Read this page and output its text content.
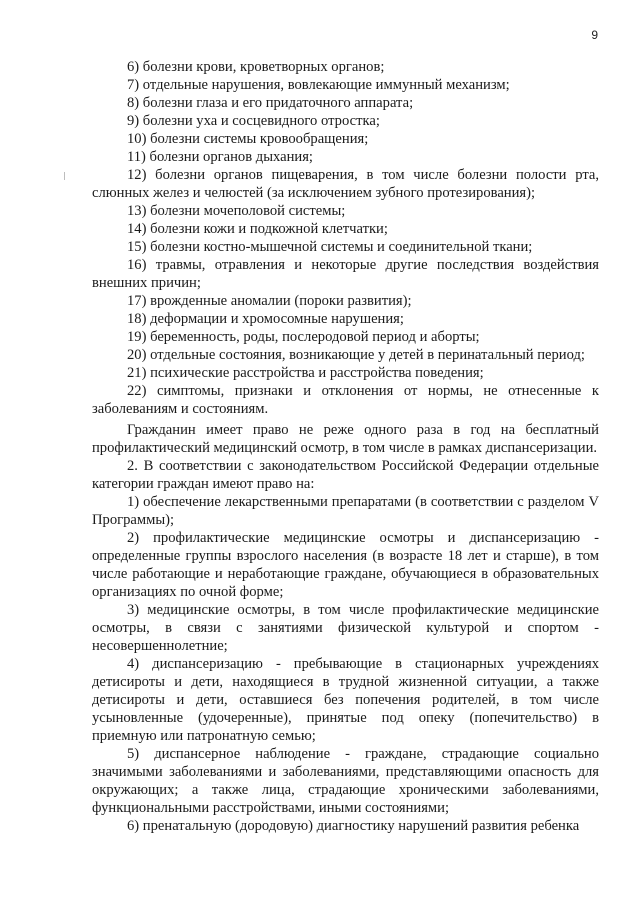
9

6) болезни крови, кроветворных органов;

7) отдельные нарушения, вовлекающие иммунный механизм;

8) болезни глаза и его придаточного аппарата;

9) болезни уха и сосцевидного отростка;

10) болезни системы кровообращения;

11) болезни органов дыхания;

12) болезни органов пищеварения, в том числе болезни полости рта, слюнных желез и челюстей (за исключением зубного протезирования);

13) болезни мочеполовой системы;

14) болезни кожи и подкожной клетчатки;

15) болезни костно-мышечной системы и соединительной ткани;

16) травмы, отравления и некоторые другие последствия воздействия внешних причин;

17) врожденные аномалии (пороки развития);

18) деформации и хромосомные нарушения;

19) беременность, роды, послеродовой период и аборты;

20) отдельные состояния, возникающие у детей в перинатальный период;

21) психические расстройства и расстройства поведения;

22) симптомы, признаки и отклонения от нормы, не отнесенные к заболеваниям и состояниям.

Гражданин имеет право не реже одного раза в год на бесплатный профилактический медицинский осмотр, в том числе в рамках диспансеризации.

2. В соответствии с законодательством Российской Федерации отдельные категории граждан имеют право на:

1) обеспечение лекарственными препаратами (в соответствии с разделом V Программы);

2) профилактические медицинские осмотры и диспансеризацию - определенные группы взрослого населения (в возрасте 18 лет и старше), в том числе работающие и неработающие граждане, обучающиеся в образовательных организациях по очной форме;

3) медицинские осмотры, в том числе профилактические медицинские осмотры, в связи с занятиями физической культурой и спортом - несовершеннолетние;

4) диспансеризацию - пребывающие в стационарных учреждениях детисироты и дети, находящиеся в трудной жизненной ситуации, а также детисироты и дети, оставшиеся без попечения родителей, в том числе усыновленные (удочеренные), принятые под опеку (попечительство) в приемную или патронатную семью;

5) диспансерное наблюдение - граждане, страдающие социально значимыми заболеваниями и заболеваниями, представляющими опасность для окружающих; а также лица, страдающие хроническими заболеваниями, функциональными расстройствами, иными состояниями;

6) пренатальную (дородовую) диагностику нарушений развития ребенка
